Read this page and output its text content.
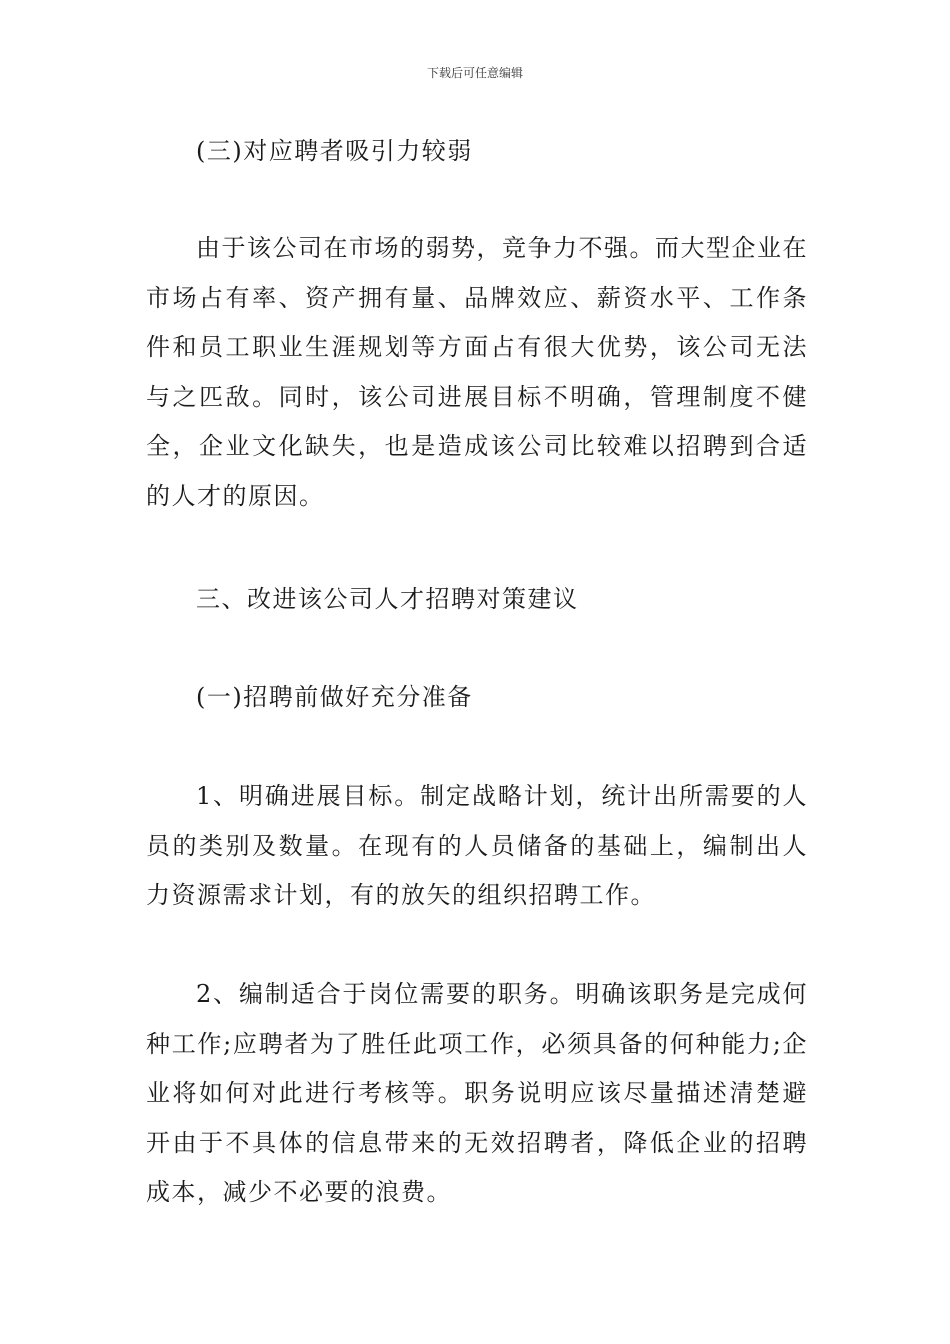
下载后可任意编辑
(三)对应聘者吸引力较弱
由于该公司在市场的弱势，竞争力不强。而大型企业在市场占有率、资产拥有量、品牌效应、薪资水平、工作条件和员工职业生涯规划等方面占有很大优势，该公司无法与之匹敌。同时，该公司进展目标不明确，管理制度不健全，企业文化缺失，也是造成该公司比较难以招聘到合适的人才的原因。
三、改进该公司人才招聘对策建议
(一)招聘前做好充分准备
1、明确进展目标。制定战略计划，统计出所需要的人员的类别及数量。在现有的人员储备的基础上，编制出人力资源需求计划，有的放矢的组织招聘工作。
2、编制适合于岗位需要的职务。明确该职务是完成何种工作;应聘者为了胜任此项工作，必须具备的何种能力;企业将如何对此进行考核等。职务说明应该尽量描述清楚避开由于不具体的信息带来的无效招聘者，降低企业的招聘成本，减少不必要的浪费。
